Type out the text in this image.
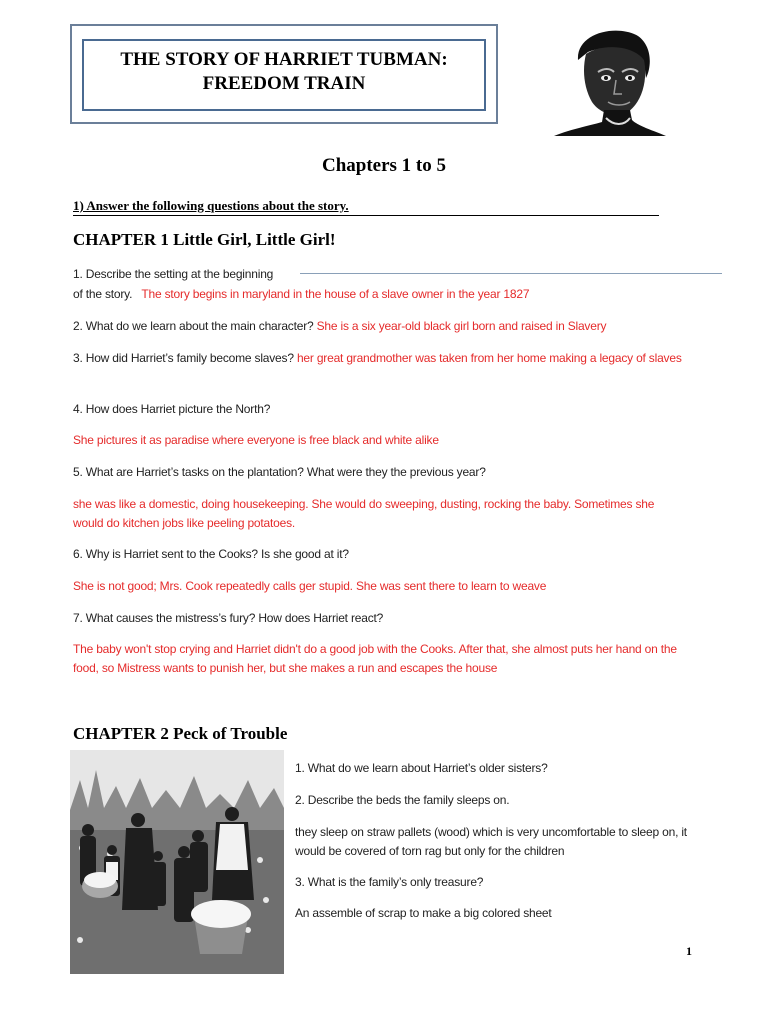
THE STORY OF HARRIET TUBMAN:
FREEDOM TRAIN
Chapters 1 to 5
1) Answer the following questions about the story.
CHAPTER 1 Little Girl, Little Girl!
1. Describe the setting at the beginning
of the story. The story begins in maryland in the house of a slave owner in the year 1827
2. What do we learn about the main character? She is a six year-old black girl born and raised in Slavery
3. How did Harriet’s family become slaves? her great grandmother was taken from her home making a legacy of slaves
4. How does Harriet picture the North?
She pictures it as paradise where everyone is free black and white alike
5. What are Harriet’s tasks on the plantation? What were they the previous year?
she was like a domestic, doing housekeeping. She would do sweeping, dusting, rocking the baby. Sometimes she would do kitchen jobs like peeling potatoes.
6. Why is Harriet sent to the Cooks? Is she good at it?
She is not good; Mrs. Cook repeatedly calls ger stupid. She was sent there to learn to weave
7. What causes the mistress’s fury? How does Harriet react?
The baby won't stop crying and Harriet didn't do a good job with the Cooks. After that, she almost puts her hand on the food, so Mistress wants to punish her, but she makes a run and escapes the house
CHAPTER 2 Peck of Trouble
1. What do we learn about Harriet’s older sisters?
2. Describe the beds the family sleeps on.
they sleep on straw pallets (wood) which is very uncomfortable to sleep on, it would be covered of torn rag but only for the children
3. What is the family’s only treasure?
An assemble of scrap to make a big colored sheet
1
